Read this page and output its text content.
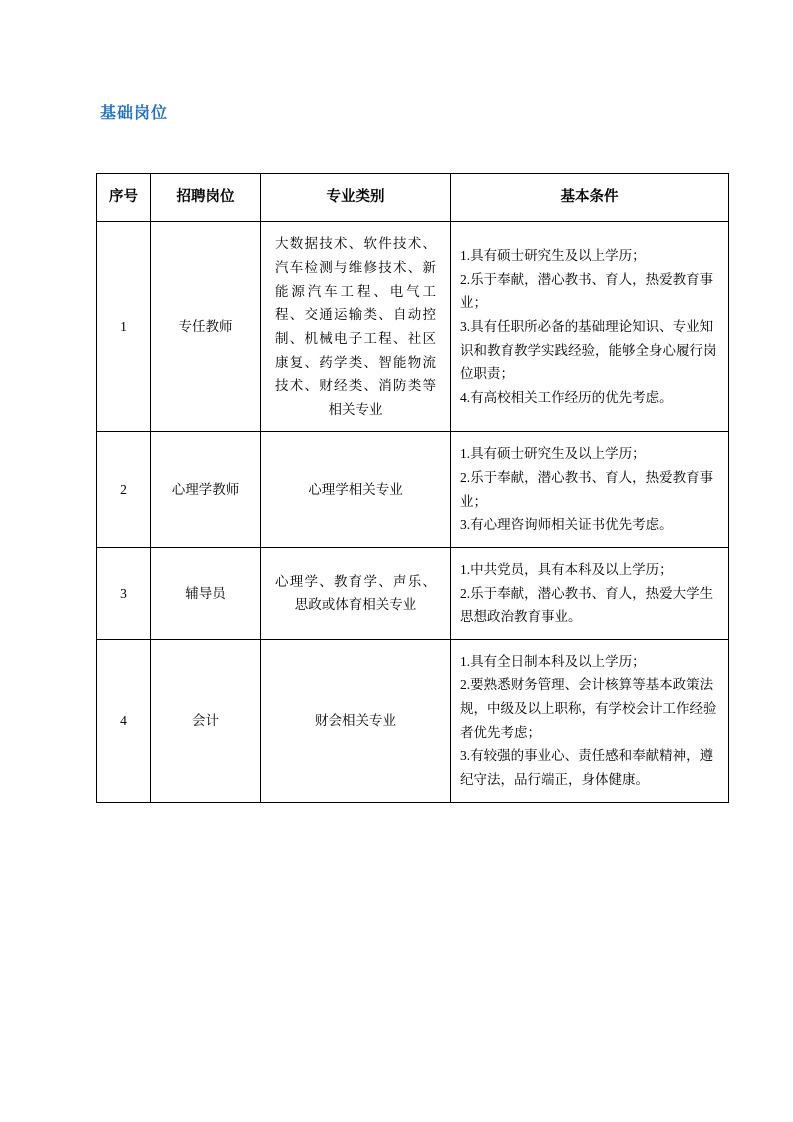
基础岗位
序号	招聘岗位	专业类别	基本条件
1	专任教师	大数据技术、软件技术、汽车检测与维修技术、新能源汽车工程、电气工程、交通运输类、自动控制、机械电子工程、社区康复、药学类、智能物流技术、财经类、消防类等相关专业	1.具有硕士研究生及以上学历；
2.乐于奉献，潜心教书、育人，热爱教育事业；
3.具有任职所必备的基础理论知识、专业知识和教育教学实践经验，能够全身心履行岗位职责；
4.有高校相关工作经历的优先考虑。

2	心理学教师	心理学相关专业	1.具有硕士研究生及以上学历；
2.乐于奉献，潜心教书、育人，热爱教育事业；
3.有心理咨询师相关证书优先考虑。

3	辅导员	心理学、教育学、声乐、思政或体育相关专业	1.中共党员，具有本科及以上学历；
2.乐于奉献，潜心教书、育人，热爱大学生思想政治教育事业。

4	会计	财会相关专业	1.具有全日制本科及以上学历；
2.要熟悉财务管理、会计核算等基本政策法规，中级及以上职称，有学校会计工作经验者优先考虑；
3.有较强的事业心、责任感和奉献精神，遵纪守法，品行端正，身体健康。
